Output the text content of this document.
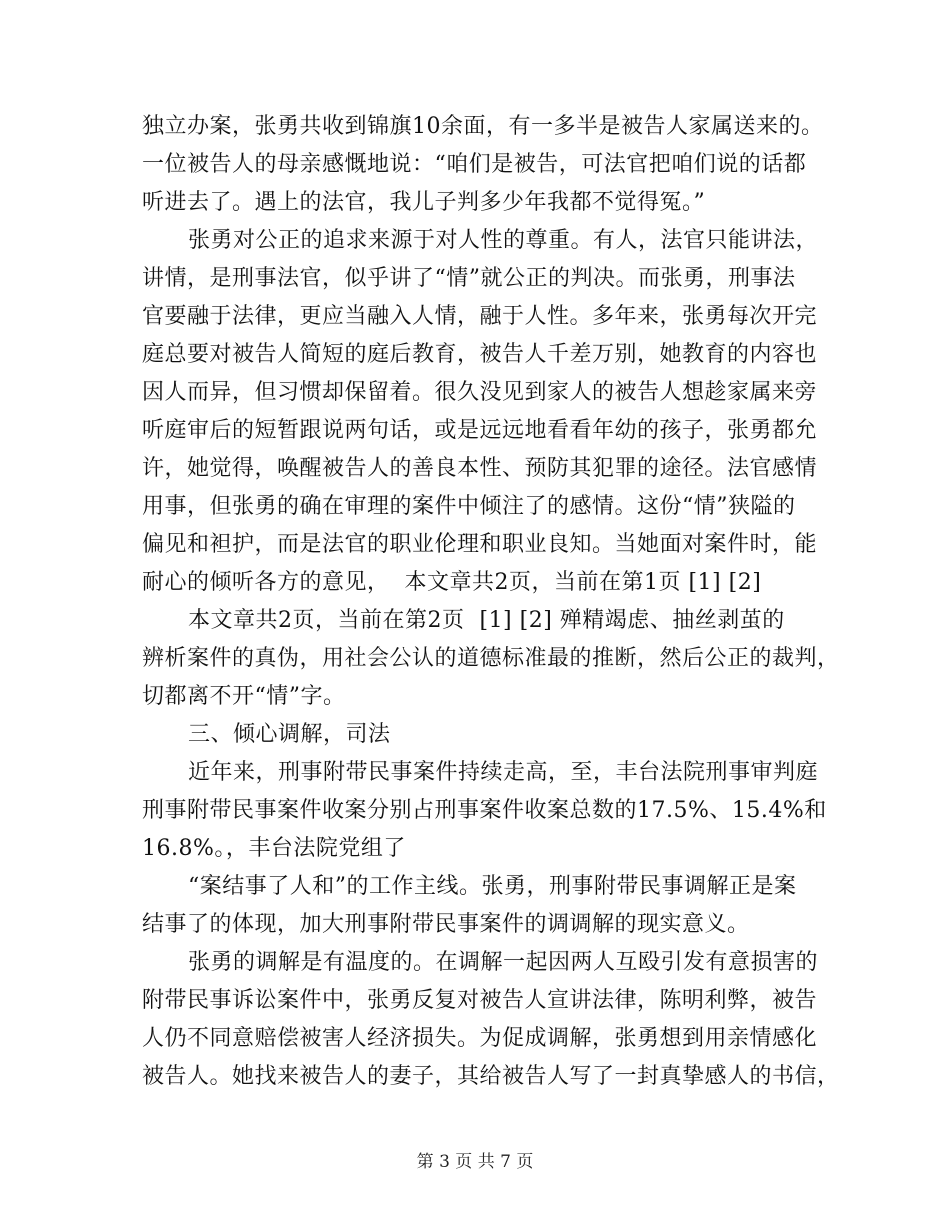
独立办案，张勇共收到锦旗10余面，有一多半是被告人家属送来的。
一位被告人的母亲感慨地说：“咱们是被告，可法官把咱们说的话都
听进去了。遇上的法官，我儿子判多少年我都不觉得冤。”
张勇对公正的追求来源于对人性的尊重。有人，法官只能讲法，
讲情，是刑事法官，似乎讲了“情”就公正的判决。而张勇，刑事法
官要融于法律，更应当融入人情，融于人性。多年来，张勇每次开完
庭总要对被告人简短的庭后教育，被告人千差万别，她教育的内容也
因人而异，但习惯却保留着。很久没见到家人的被告人想趁家属来旁
听庭审后的短暂跟说两句话，或是远远地看看年幼的孩子，张勇都允
许，她觉得，唤醒被告人的善良本性、预防其犯罪的途径。法官感情
用事，但张勇的确在审理的案件中倾注了的感情。这份“情”狭隘的
偏见和袒护，而是法官的职业伦理和职业良知。当她面对案件时，能
耐心的倾听各方的意见，  本文章共2页，当前在第1页 [1] [2]
本文章共2页，当前在第2页  [1] [2] 殚精竭虑、抽丝剥茧的
辨析案件的真伪，用社会公认的道德标准最的推断，然后公正的裁判，
切都离不开“情”字。
三、倾心调解，司法
近年来，刑事附带民事案件持续走高，至，丰台法院刑事审判庭
刑事附带民事案件收案分别占刑事案件收案总数的17.5%、15.4%和
16.8%。，丰台法院党组了
“案结事了人和”的工作主线。张勇，刑事附带民事调解正是案
结事了的体现，加大刑事附带民事案件的调调解的现实意义。
张勇的调解是有温度的。在调解一起因两人互殴引发有意损害的
附带民事诉讼案件中，张勇反复对被告人宣讲法律，陈明利弊，被告
人仍不同意赔偿被害人经济损失。为促成调解，张勇想到用亲情感化
被告人。她找来被告人的妻子，其给被告人写了一封真挚感人的书信，
第 3 页 共 7 页
